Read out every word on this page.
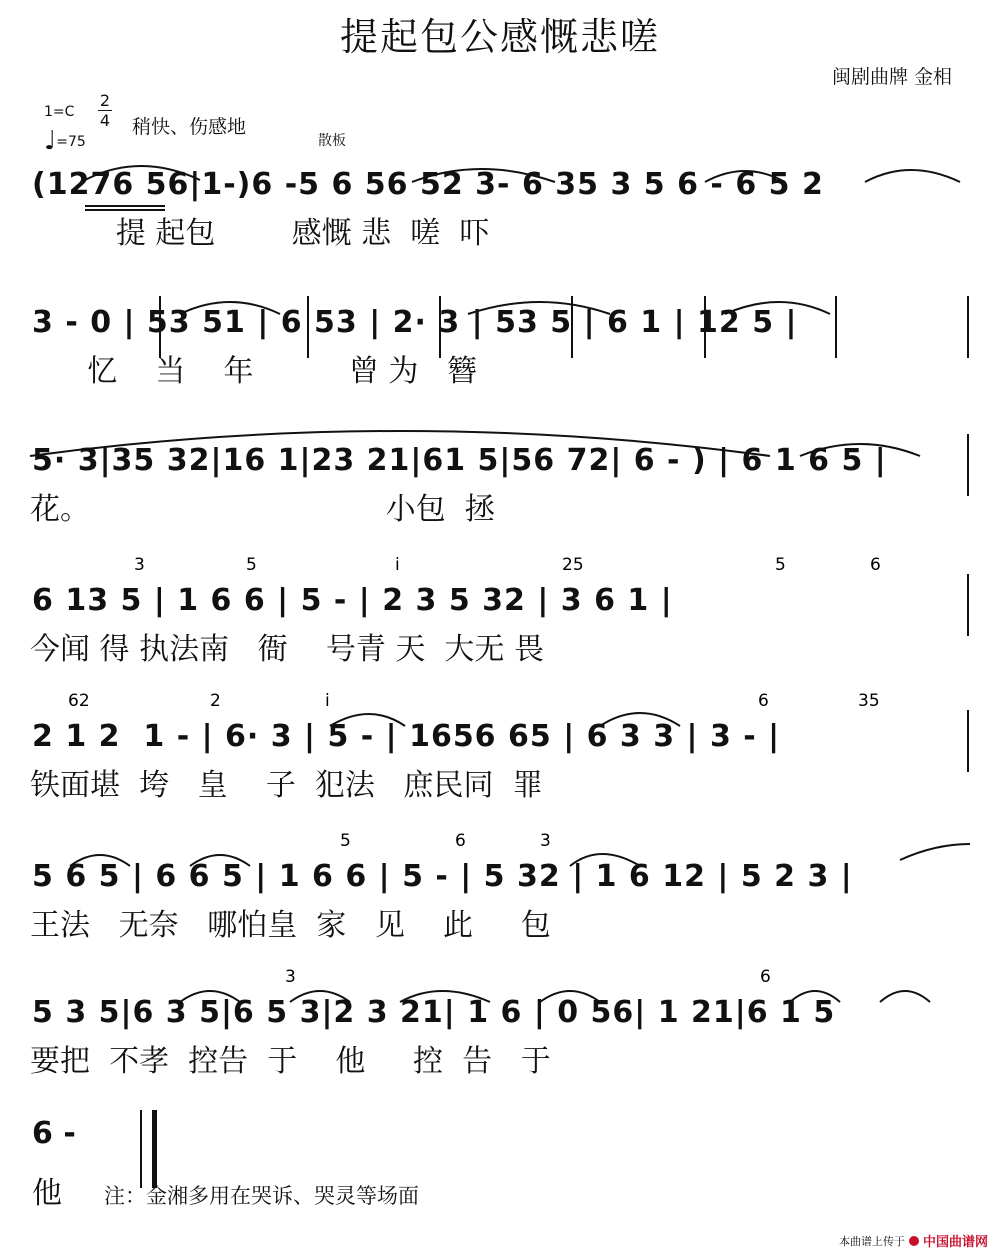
提起包公感慨悲嗟
闽剧曲牌 金相
1=C
2
4 稍快、伤感地
♩=75	散板
(1276 56|1-)6 -5 6 56 52 3- 6 35 3 5 6 - 6 5 2
提 起包        感慨 悲  嗟  吓
3 - 0 | 53 51 | 6 53 | 2· 3 | 53 5 | 6 1 | 12 5 |
忆    当    年          曾 为   簪
5· 3|35 32|16 1|23 21|61 5|56 72| 6 - ) | 6 1 6 5 |
花。                               小包  拯
3	5	i	25	5	6
6 13 5 | 1 6 6 | 5 - | 2 3 5 32 | 3 6 1 |
今闻 得 执法南   衙    号青 天  大无 畏
62	2	i	6	35
2 1 2  1 - | 6· 3 | 5 - | 1656 65 | 6 3 3 | 3 - |
铁面堪  垮   皇    子  犯法   庶民同  罪
5	6	3
5 6 5 | 6 6 5 | 1 6 6 | 5 - | 5 32 | 1 6 12 | 5 2 3 |
王法   无奈   哪怕皇  家   见    此     包
3	6
5 3 5|6 3 5|6 5 3|2 3 21| 1 6 | 0 56| 1 21|6 1 5
要把  不孝  控告  于    他     控  告   于
6 -
他 注：金湘多用在哭诉、哭灵等场面
本曲谱上传于 中国曲谱网
